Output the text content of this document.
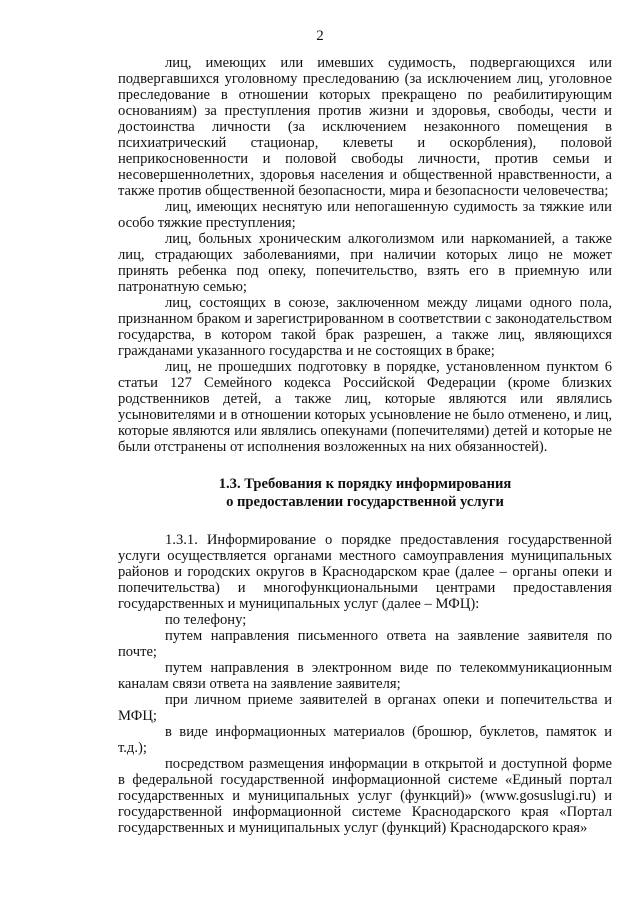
2

лиц, имеющих или имевших судимость, подвергающихся или подвергавшихся уголовному преследованию (за исключением лиц, уголовное преследование в отношении которых прекращено по реабилитирующим основаниям) за преступления против жизни и здоровья, свободы, чести и достоинства личности (за исключением незаконного помещения в психиатрический стационар, клеветы и оскорбления), половой неприкосновенности и половой свободы личности, против семьи и несовершеннолетних, здоровья населения и общественной нравственности, а также против общественной безопасности, мира и безопасности человечества;

лиц, имеющих неснятую или непогашенную судимость за тяжкие или особо тяжкие преступления;

лиц, больных хроническим алкоголизмом или наркоманией, а также лиц, страдающих заболеваниями, при наличии которых лицо не может принять ребенка под опеку, попечительство, взять его в приемную или патронатную семью;

лиц, состоящих в союзе, заключенном между лицами одного пола, признанном браком и зарегистрированном в соответствии с законодательством государства, в котором такой брак разрешен, а также лиц, являющихся гражданами указанного государства и не состоящих в браке;

лиц, не прошедших подготовку в порядке, установленном пунктом 6 статьи 127 Семейного кодекса Российской Федерации (кроме близких родственников детей, а также лиц, которые являются или являлись усыновителями и в отношении которых усыновление не было отменено, и лиц, которые являются или являлись опекунами (попечителями) детей и которые не были отстранены от исполнения возложенных на них обязанностей).

1.3. Требования к порядку информирования
о предоставлении государственной услуги

1.3.1. Информирование о порядке предоставления государственной услуги осуществляется органами местного самоуправления муниципальных районов и городских округов в Краснодарском крае (далее – органы опеки и попечительства) и многофункциональными центрами предоставления государственных и муниципальных услуг (далее – МФЦ):

по телефону;

путем направления письменного ответа на заявление заявителя по почте;

путем направления в электронном виде по телекоммуникационным каналам связи ответа на заявление заявителя;

при личном приеме заявителей в органах опеки и попечительства и МФЦ;

в виде информационных материалов (брошюр, буклетов, памяток и т.д.);

посредством размещения информации в открытой и доступной форме в федеральной государственной информационной системе «Единый портал государственных и муниципальных услуг (функций)» (www.gosuslugi.ru) и государственной информационной системе Краснодарского края «Портал государственных и муниципальных услуг (функций) Краснодарского края»
